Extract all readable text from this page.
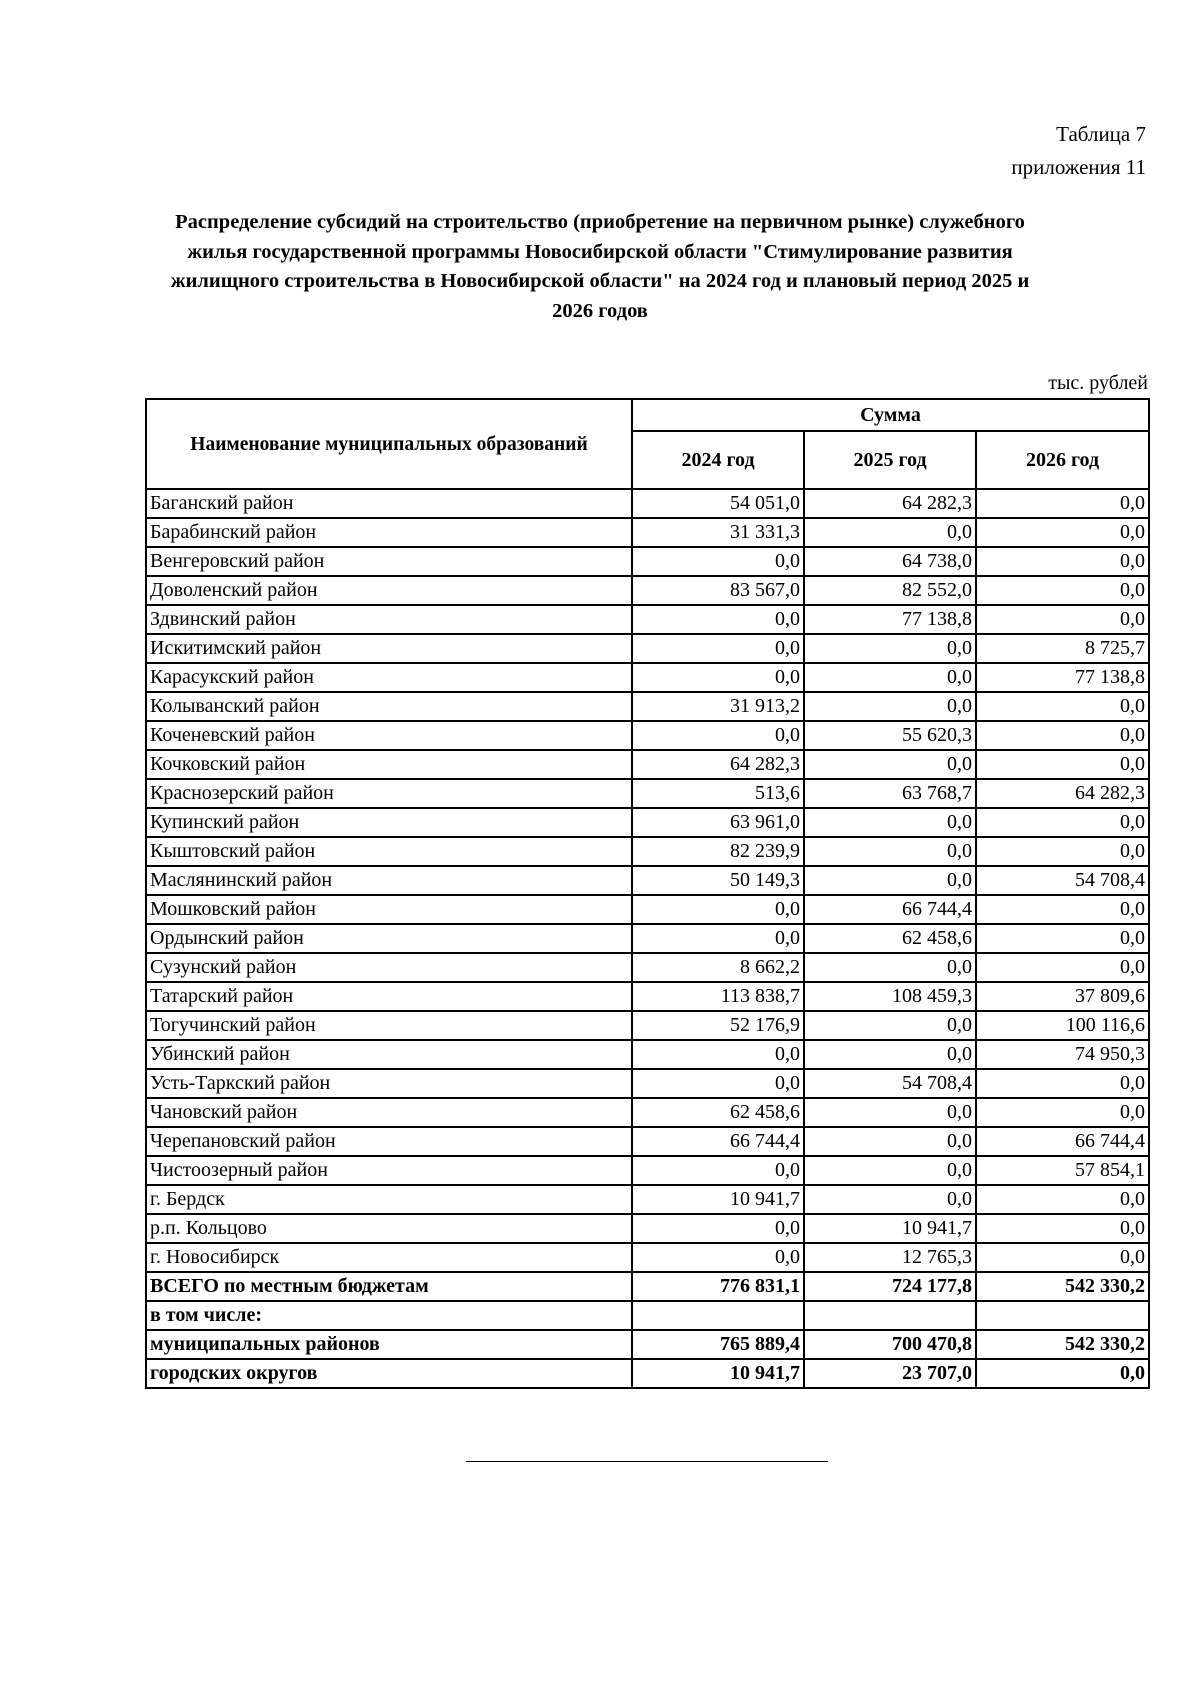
Таблица 7
приложения 11
Распределение субсидий на строительство (приобретение на первичном рынке) служебного жилья государственной программы Новосибирской области "Стимулирование развития жилищного строительства в Новосибирской области" на 2024 год и плановый период 2025 и 2026 годов
тыс. рублей
Наименование муниципальных образований	Сумма		
	2024 год	2025 год	2026 год
Баганский район	54 051,0	64 282,3	0,0
Барабинский район	31 331,3	0,0	0,0
Венгеровский район	0,0	64 738,0	0,0
Доволенский район	83 567,0	82 552,0	0,0
Здвинский район	0,0	77 138,8	0,0
Искитимский район	0,0	0,0	8 725,7
Карасукский район	0,0	0,0	77 138,8
Колыванский район	31 913,2	0,0	0,0
Коченевский район	0,0	55 620,3	0,0
Кочковский район	64 282,3	0,0	0,0
Краснозерский район	513,6	63 768,7	64 282,3
Купинский район	63 961,0	0,0	0,0
Кыштовский район	82 239,9	0,0	0,0
Маслянинский район	50 149,3	0,0	54 708,4
Мошковский район	0,0	66 744,4	0,0
Ордынский район	0,0	62 458,6	0,0
Сузунский район	8 662,2	0,0	0,0
Татарский район	113 838,7	108 459,3	37 809,6
Тогучинский район	52 176,9	0,0	100 116,6
Убинский район	0,0	0,0	74 950,3
Усть-Таркский район	0,0	54 708,4	0,0
Чановский район	62 458,6	0,0	0,0
Черепановский район	66 744,4	0,0	66 744,4
Чистоозерный район	0,0	0,0	57 854,1
г. Бердск	10 941,7	0,0	0,0
р.п. Кольцово	0,0	10 941,7	0,0
г. Новосибирск	0,0	12 765,3	0,0
ВСЕГО по местным бюджетам	776 831,1	724 177,8	542 330,2
в том числе:			
муниципальных районов	765 889,4	700 470,8	542 330,2
городских округов	10 941,7	23 707,0	0,0
